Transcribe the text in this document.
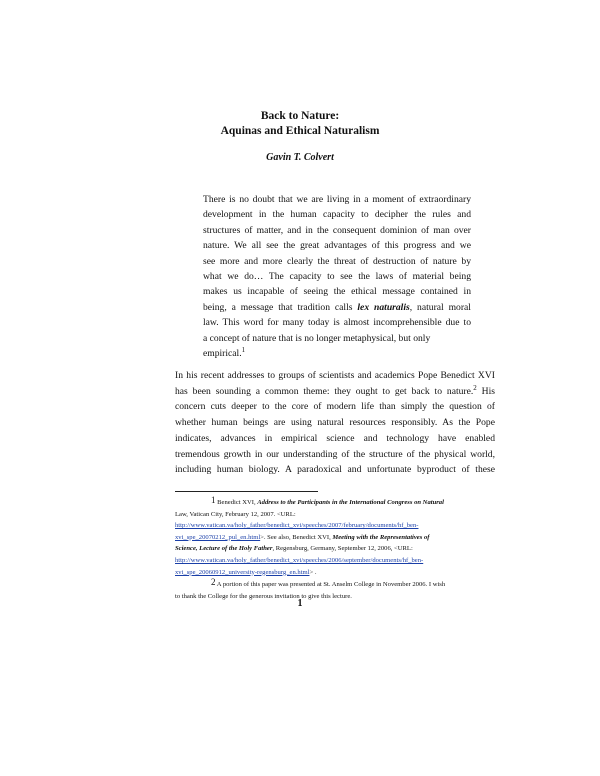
Back to Nature:
Aquinas and Ethical Naturalism
Gavin T. Colvert
There is no doubt that we are living in a moment of extraordinary
development in the human capacity to decipher the rules and
structures of matter, and in the consequent dominion of man over
nature. We all see the great advantages of this progress and we
see more and more clearly the threat of destruction of nature by
what we do… The capacity to see the laws of material being
makes us incapable of seeing the ethical message contained in
being, a message that tradition calls lex naturalis, natural moral
law. This word for many today is almost incomprehensible due to
a concept of nature that is no longer metaphysical, but only
empirical.$^1$
In his recent addresses to groups of scientists and academics Pope Benedict XVI
has been sounding a common theme: they ought to get back to nature.$^2$ His
concern cuts deeper to the core of modern life than simply the question of
whether human beings are using natural resources responsibly. As the Pope
indicates, advances in empirical science and technology have enabled
tremendous growth in our understanding of the structure of the physical world,
including human biology. A paradoxical and unfortunate byproduct of these
1 Benedict XVI, Address to the Participants in the International Congress on Natural
Law, Vatican City, February 12, 2007. <URL:
http://www.vatican.va/holy_father/benedict_xvi/speeches/2007/february/documents/hf_ben-
xvi_spe_20070212_pul_en.html>. See also, Benedict XVI, Meeting with the Representatives of
Science, Lecture of the Holy Father, Regensburg, Germany, September 12, 2006, <URL:
http://www.vatican.va/holy_father/benedict_xvi/speeches/2006/september/documents/hf_ben-
xvi_spe_20060912_university-regensburg_en.html> .
2 A portion of this paper was presented at St. Anselm College in November 2006. I wish
to thank the College for the generous invitation to give this lecture.
1
